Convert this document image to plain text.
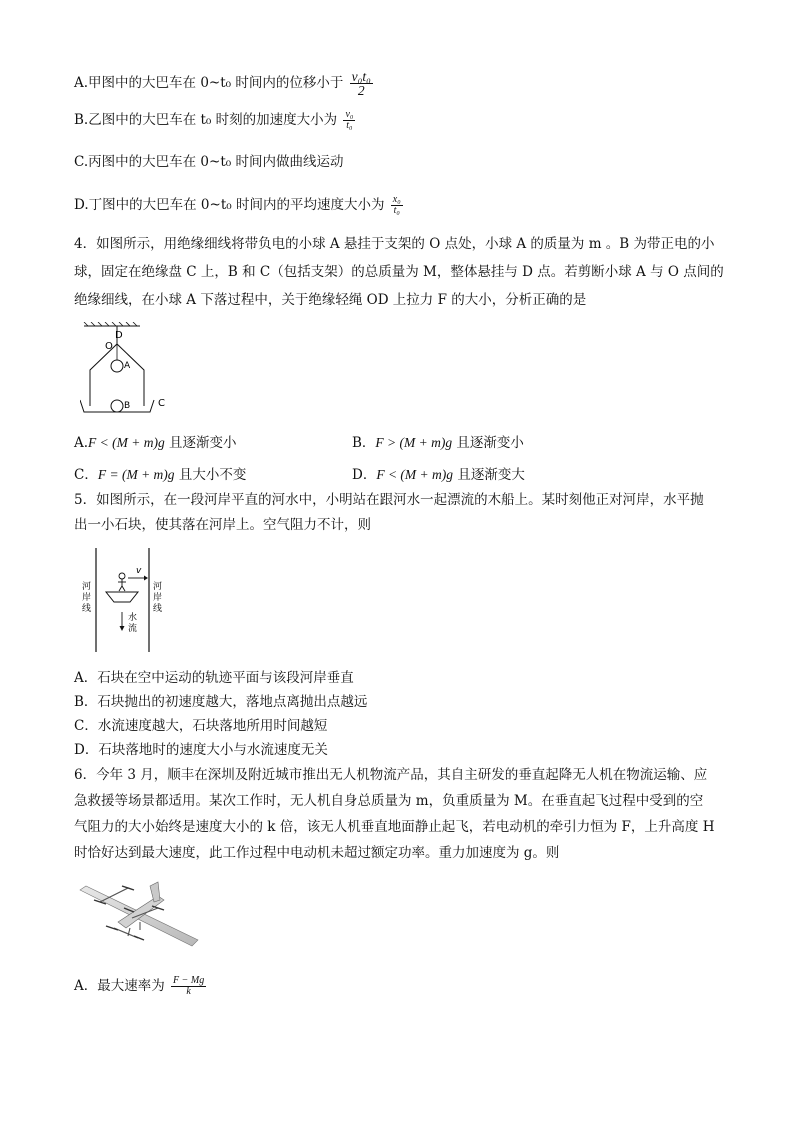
A.甲图中的大巴车在 0~t₀ 时间内的位移小于 $\frac{\text{v₀t₀}}{2}$
B.乙图中的大巴车在 t₀ 时刻的加速度大小为 $\frac{\text{v₀}}{\text{t₀}}$
C.丙图中的大巴车在 0~t₀ 时间内做曲线运动
D.丁图中的大巴车在 0~t₀ 时间内的平均速度大小为 $\frac{\text{x₀}}{\text{t₀}}$
4．如图所示，用绝缘细线将带负电的小球 A 悬挂于支架的 O 点处，小球 A 的质量为 m 。B 为带正电的小
球，固定在绝缘盘 C 上，B 和 C（包括支架）的总质量为 M，整体悬挂与 D 点。若剪断小球 A 与 O 点间的
绝缘细线，在小球 A 下落过程中，关于绝缘轻绳 OD 上拉力 F 的大小，分析正确的是
D
O
A
B	C
A.F < (M + m)g 且逐渐变小	B．F > (M + m)g 且逐渐变小
C．F = (M + m)g 且大小不变	D．F < (M + m)g 且逐渐变大
5．如图所示，在一段河岸平直的河水中，小明站在跟河水一起漂流的木船上。某时刻他正对河岸，水平抛
出一小石块，使其落在河岸上。空气阻力不计，则
v
水
流
河
岸
线
河
岸
线
A．石块在空中运动的轨迹平面与该段河岸垂直
B．石块抛出的初速度越大，落地点离抛出点越远
C．水流速度越大，石块落地所用时间越短
D．石块落地时的速度大小与水流速度无关
6．今年 3 月，顺丰在深圳及附近城市推出无人机物流产品，其自主研发的垂直起降无人机在物流运输、应
急救援等场景都适用。某次工作时，无人机自身总质量为 m，负重质量为 M。在垂直起飞过程中受到的空
气阻力的大小始终是速度大小的 k 倍，该无人机垂直地面静止起飞，若电动机的牵引力恒为 F，上升高度 H
时恰好达到最大速度，此工作过程中电动机未超过额定功率。重力加速度为 g。则
A．最大速率为 $\frac{F - Mg}{k}$
